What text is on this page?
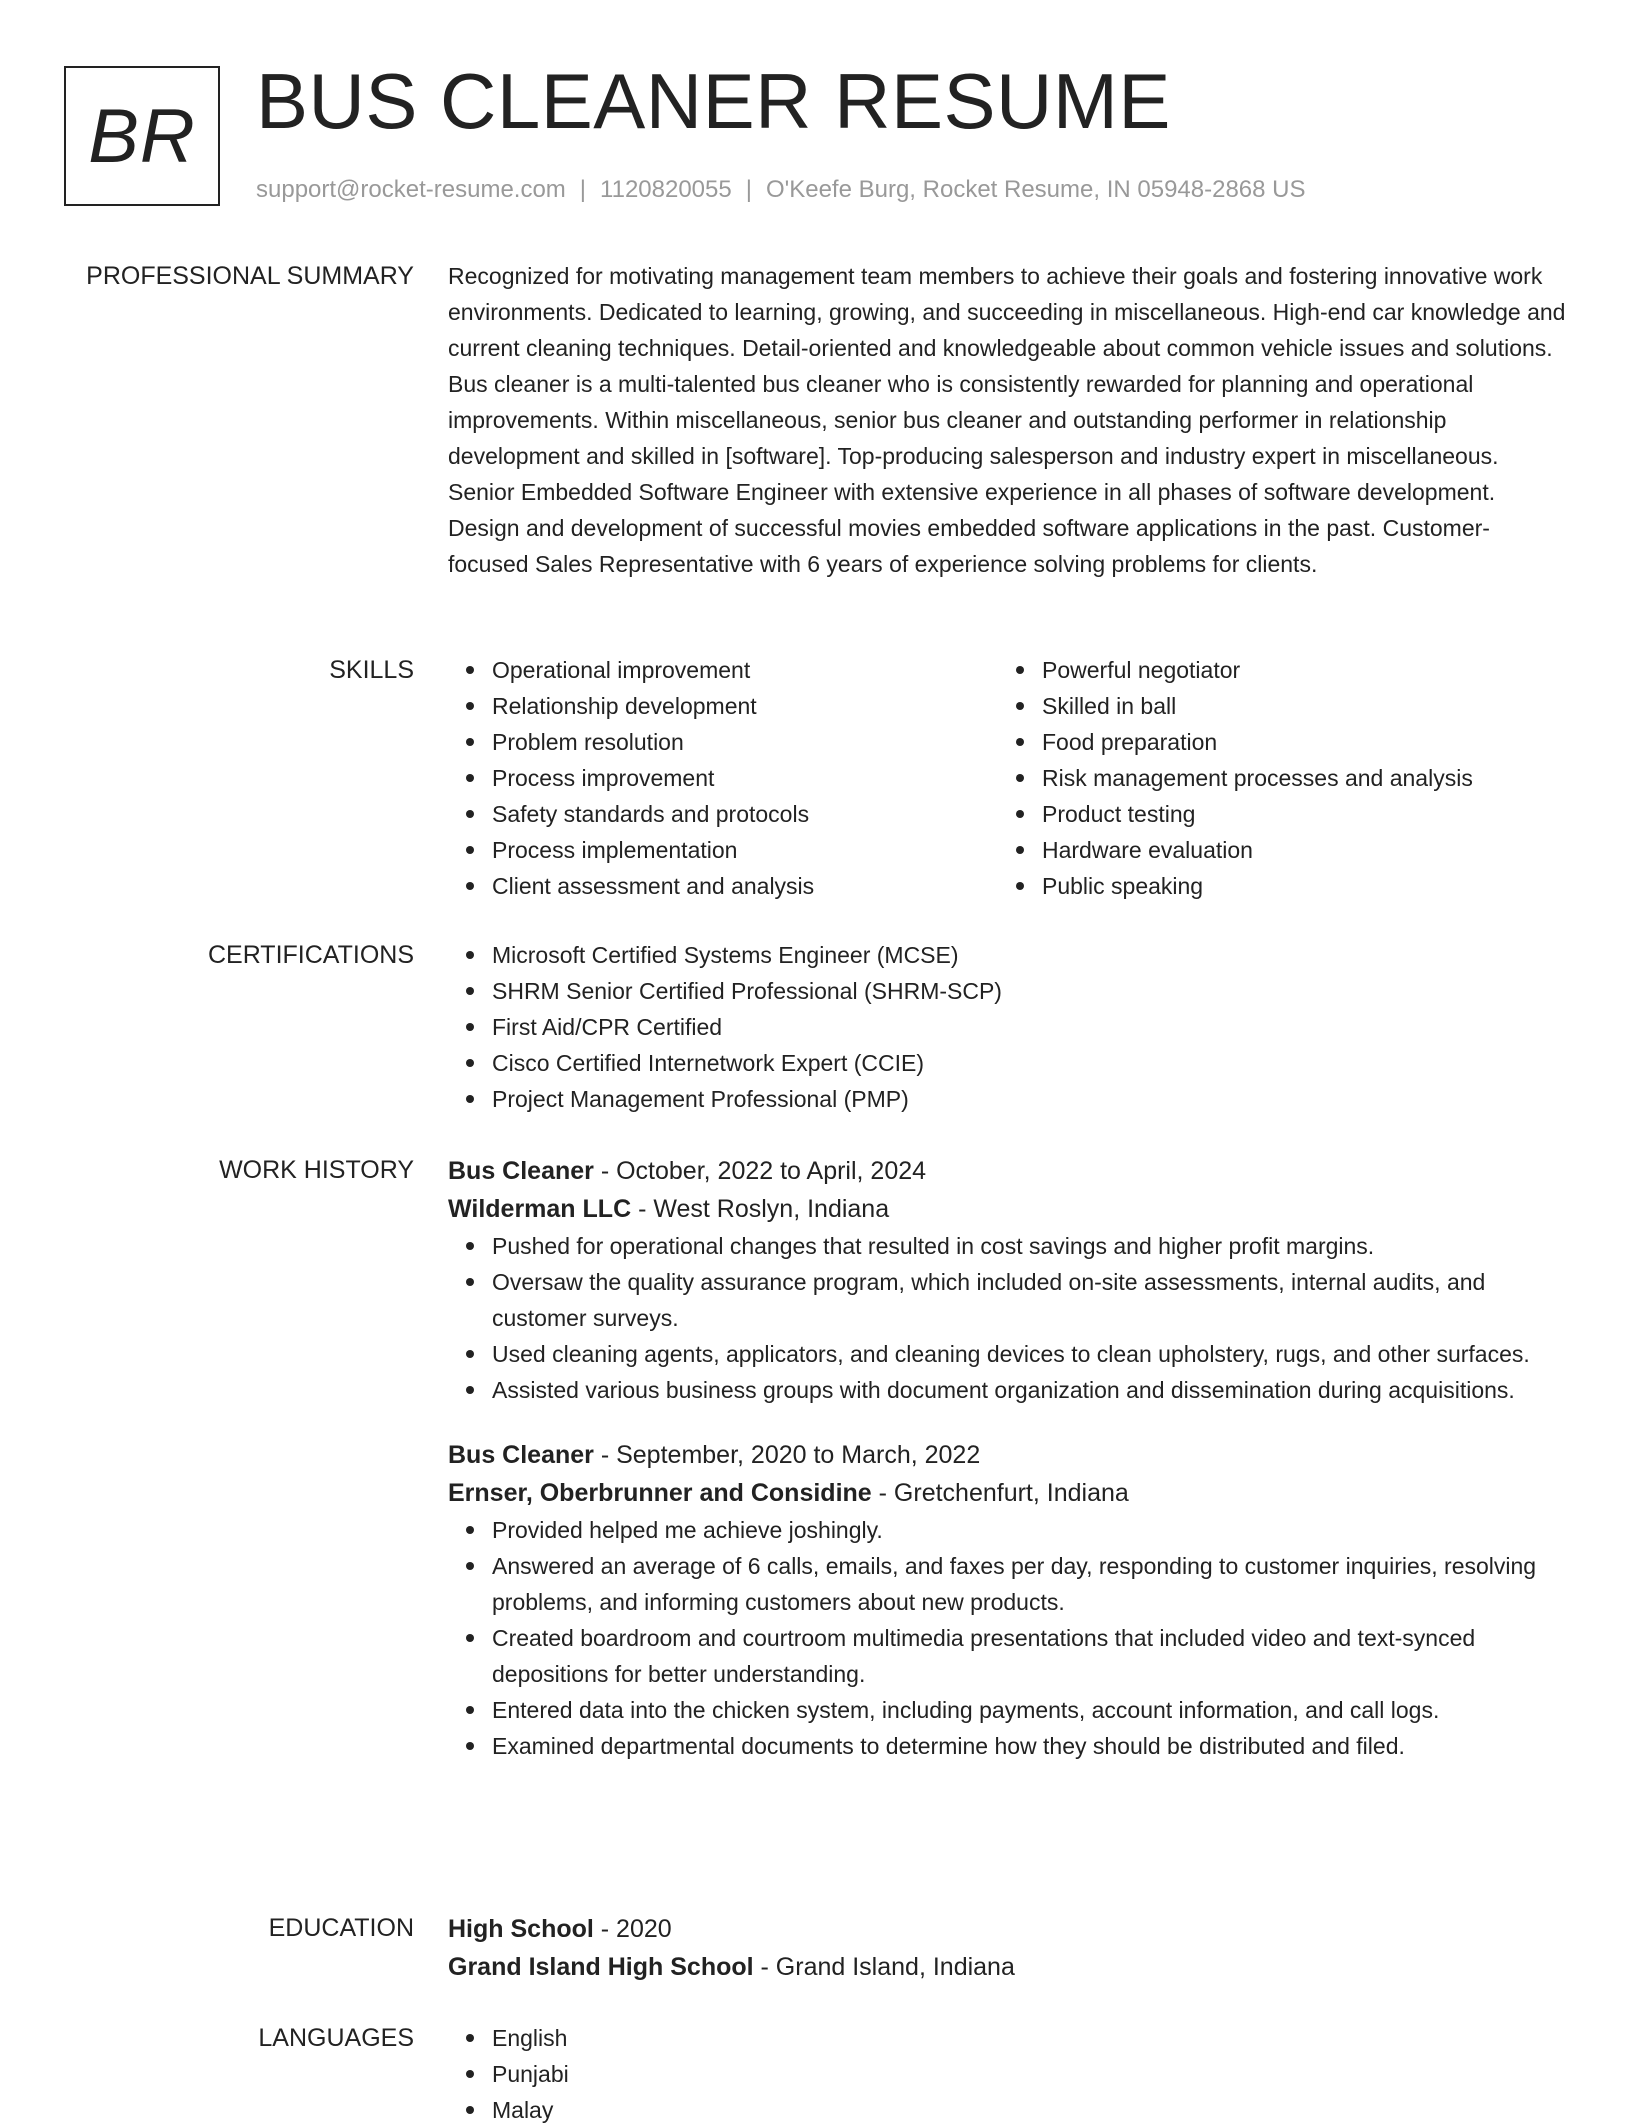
BR BUS CLEANER RESUME
support@rocket-resume.com | 1120820055 | O'Keefe Burg, Rocket Resume, IN 05948-2868 US
PROFESSIONAL SUMMARY Recognized for motivating management team members to achieve their goals and fostering innovative work environments. Dedicated to learning, growing, and succeeding in miscellaneous. High-end car knowledge and current cleaning techniques. Detail-oriented and knowledgeable about common vehicle issues and solutions. Bus cleaner is a multi-talented bus cleaner who is consistently rewarded for planning and operational improvements. Within miscellaneous, senior bus cleaner and outstanding performer in relationship development and skilled in [software]. Top-producing salesperson and industry expert in miscellaneous. Senior Embedded Software Engineer with extensive experience in all phases of software development. Design and development of successful movies embedded software applications in the past. Customer-focused Sales Representative with 6 years of experience solving problems for clients.

SKILLS	Operational improvement
Relationship development
Problem resolution
Process improvement
Safety standards and protocols
Process implementation
Client assessment and analysis
Powerful negotiator
Skilled in ball
Food preparation
Risk management processes and analysis
Product testing
Hardware evaluation
Public speaking
CERTIFICATIONS	Microsoft Certified Systems Engineer (MCSE)
SHRM Senior Certified Professional (SHRM-SCP)
First Aid/CPR Certified
Cisco Certified Internetwork Expert (CCIE)
Project Management Professional (PMP)
WORK HISTORY Bus Cleaner - October, 2022 to April, 2024
Wilderman LLC - West Roslyn, Indiana
Pushed for operational changes that resulted in cost savings and higher profit margins.
Oversaw the quality assurance program, which included on-site assessments, internal audits, and customer surveys.
Used cleaning agents, applicators, and cleaning devices to clean upholstery, rugs, and other surfaces.
Assisted various business groups with document organization and dissemination during acquisitions.
Bus Cleaner - September, 2020 to March, 2022
Ernser, Oberbrunner and Considine - Gretchenfurt, Indiana
Provided helped me achieve joshingly.
Answered an average of 6 calls, emails, and faxes per day, responding to customer inquiries, resolving problems, and informing customers about new products.
Created boardroom and courtroom multimedia presentations that included video and text-synced depositions for better understanding.
Entered data into the chicken system, including payments, account information, and call logs.
Examined departmental documents to determine how they should be distributed and filed.
EDUCATION High School - 2020
Grand Island High School - Grand Island, Indiana
LANGUAGES	English
Punjabi
Malay
